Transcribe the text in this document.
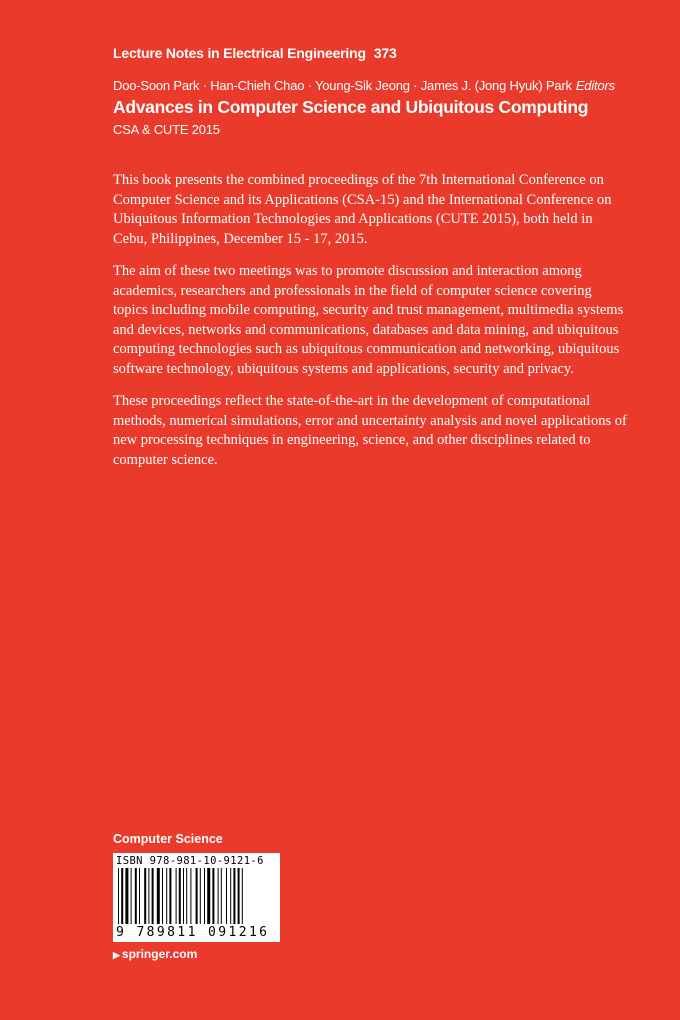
Lecture Notes in Electrical Engineering 373
Doo-Soon Park · Han-Chieh Chao · Young-Sik Jeong · James J. (Jong Hyuk) Park Editors
Advances in Computer Science and Ubiquitous Computing
CSA & CUTE 2015

This book presents the combined proceedings of the 7th International Conference on Computer Science and its Applications (CSA-15) and the International Conference on Ubiquitous Information Technologies and Applications (CUTE 2015), both held in Cebu, Philippines, December 15 - 17, 2015.

The aim of these two meetings was to promote discussion and interaction among academics, researchers and professionals in the field of computer science covering topics including mobile computing, security and trust management, multimedia systems and devices, networks and communications, databases and data mining, and ubiquitous computing technologies such as ubiquitous communication and networking, ubiquitous software technology, ubiquitous systems and applications, security and privacy.

These proceedings reflect the state-of-the-art in the development of computational methods, numerical simulations, error and uncertainty analysis and novel applications of new processing techniques in engineering, science, and other disciplines related to computer science.

Computer Science
ISBN 978-981-10-9121-6
9 789811 091216
▶ springer.com
